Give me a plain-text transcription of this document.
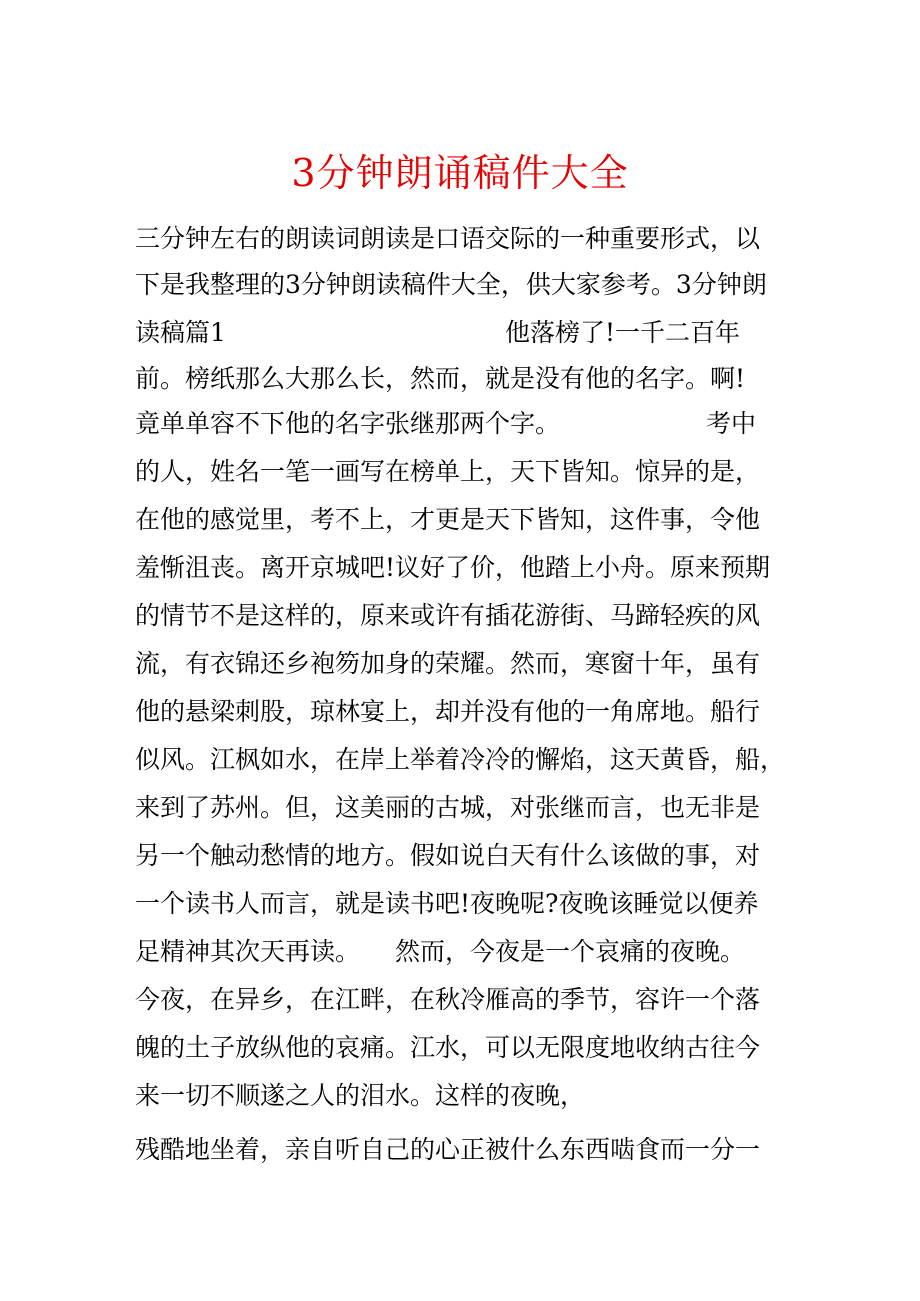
3分钟朗诵稿件大全
三分钟左右的朗读词朗读是口语交际的一种重要形式，以
下是我整理的3分钟朗读稿件大全，供大家参考。3分钟朗
读稿篇1	他落榜了!一千二百年
前。榜纸那么大那么长，然而，就是没有他的名字。啊!
竟单单容不下他的名字张继那两个字。	考中
的人，姓名一笔一画写在榜单上，天下皆知。惊异的是，
在他的感觉里，考不上，才更是天下皆知，这件事，令他
羞惭沮丧。离开京城吧!议好了价，他踏上小舟。原来预期
的情节不是这样的，原来或许有插花游街、马蹄轻疾的风
流，有衣锦还乡袍笏加身的荣耀。然而，寒窗十年，虽有
他的悬梁刺股，琼林宴上，却并没有他的一角席地。船行
似风。江枫如水，在岸上举着冷冷的懈焰，这天黄昏，船，
来到了苏州。但，这美丽的古城，对张继而言，也无非是
另一个触动愁情的地方。假如说白天有什么该做的事，对
一个读书人而言，就是读书吧!夜晚呢?夜晚该睡觉以便养
足精神其次天再读。 然而，今夜是一个哀痛的夜晚。
今夜，在异乡，在江畔，在秋冷雁高的季节，容许一个落
魄的土子放纵他的哀痛。江水，可以无限度地收纳古往今
来一切不顺遂之人的泪水。这样的夜晚，
残酷地坐着，亲自听自己的心正被什么东西啮食而一分一
